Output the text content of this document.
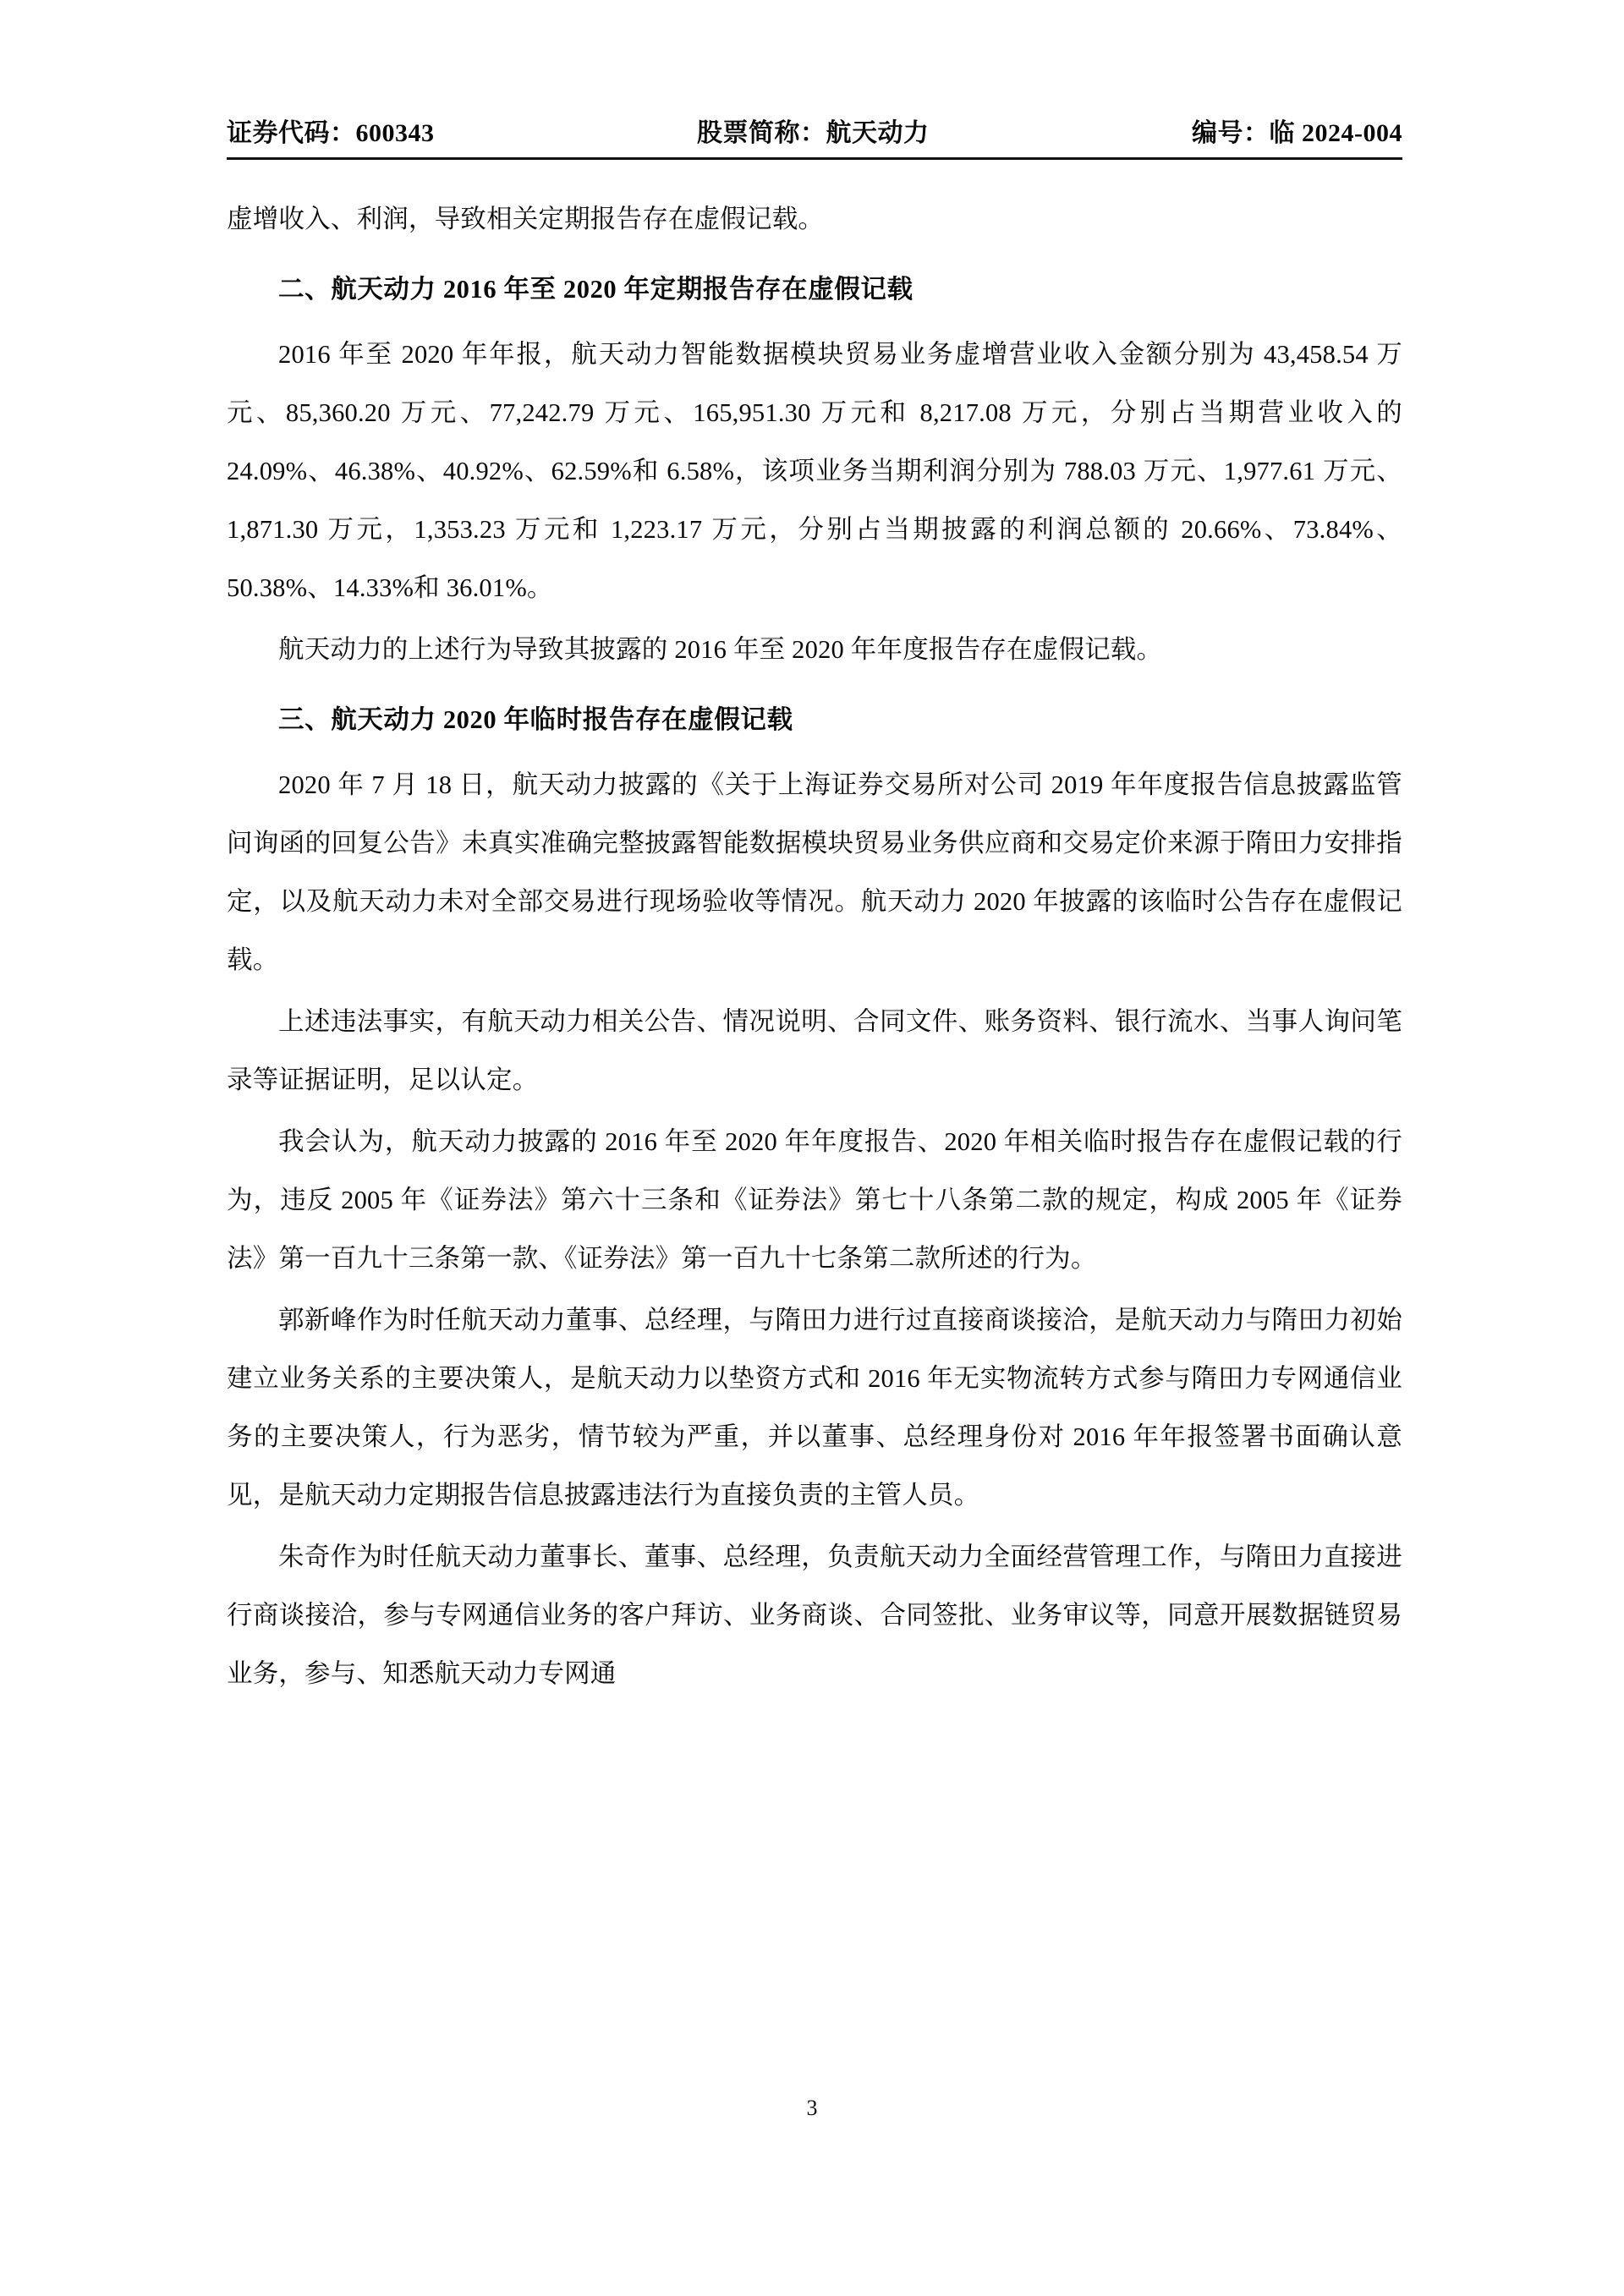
证券代码：600343	股票简称：航天动力	编号：临 2024-004

虚增收入、利润，导致相关定期报告存在虚假记载。

二、航天动力 2016 年至 2020 年定期报告存在虚假记载

2016 年至 2020 年年报，航天动力智能数据模块贸易业务虚增营业收入金额分别为 43,458.54 万元、85,360.20 万元、77,242.79 万元、165,951.30 万元和 8,217.08 万元，分别占当期营业收入的 24.09%、46.38%、40.92%、62.59%和 6.58%，该项业务当期利润分别为 788.03 万元、1,977.61 万元、1,871.30 万元，1,353.23 万元和 1,223.17 万元，分别占当期披露的利润总额的 20.66%、73.84%、50.38%、14.33%和 36.01%。

航天动力的上述行为导致其披露的 2016 年至 2020 年年度报告存在虚假记载。

三、航天动力 2020 年临时报告存在虚假记载

2020 年 7 月 18 日，航天动力披露的《关于上海证券交易所对公司 2019 年年度报告信息披露监管问询函的回复公告》未真实准确完整披露智能数据模块贸易业务供应商和交易定价来源于隋田力安排指定，以及航天动力未对全部交易进行现场验收等情况。航天动力 2020 年披露的该临时公告存在虚假记载。

上述违法事实，有航天动力相关公告、情况说明、合同文件、账务资料、银行流水、当事人询问笔录等证据证明，足以认定。

我会认为，航天动力披露的 2016 年至 2020 年年度报告、2020 年相关临时报告存在虚假记载的行为，违反 2005 年《证券法》第六十三条和《证券法》第七十八条第二款的规定，构成 2005 年《证券法》第一百九十三条第一款、《证券法》第一百九十七条第二款所述的行为。

郭新峰作为时任航天动力董事、总经理，与隋田力进行过直接商谈接洽，是航天动力与隋田力初始建立业务关系的主要决策人，是航天动力以垫资方式和 2016 年无实物流转方式参与隋田力专网通信业务的主要决策人，行为恶劣，情节较为严重，并以董事、总经理身份对 2016 年年报签署书面确认意见，是航天动力定期报告信息披露违法行为直接负责的主管人员。

朱奇作为时任航天动力董事长、董事、总经理，负责航天动力全面经营管理工作，与隋田力直接进行商谈接洽，参与专网通信业务的客户拜访、业务商谈、合同签批、业务审议等，同意开展数据链贸易业务，参与、知悉航天动力专网通

3
